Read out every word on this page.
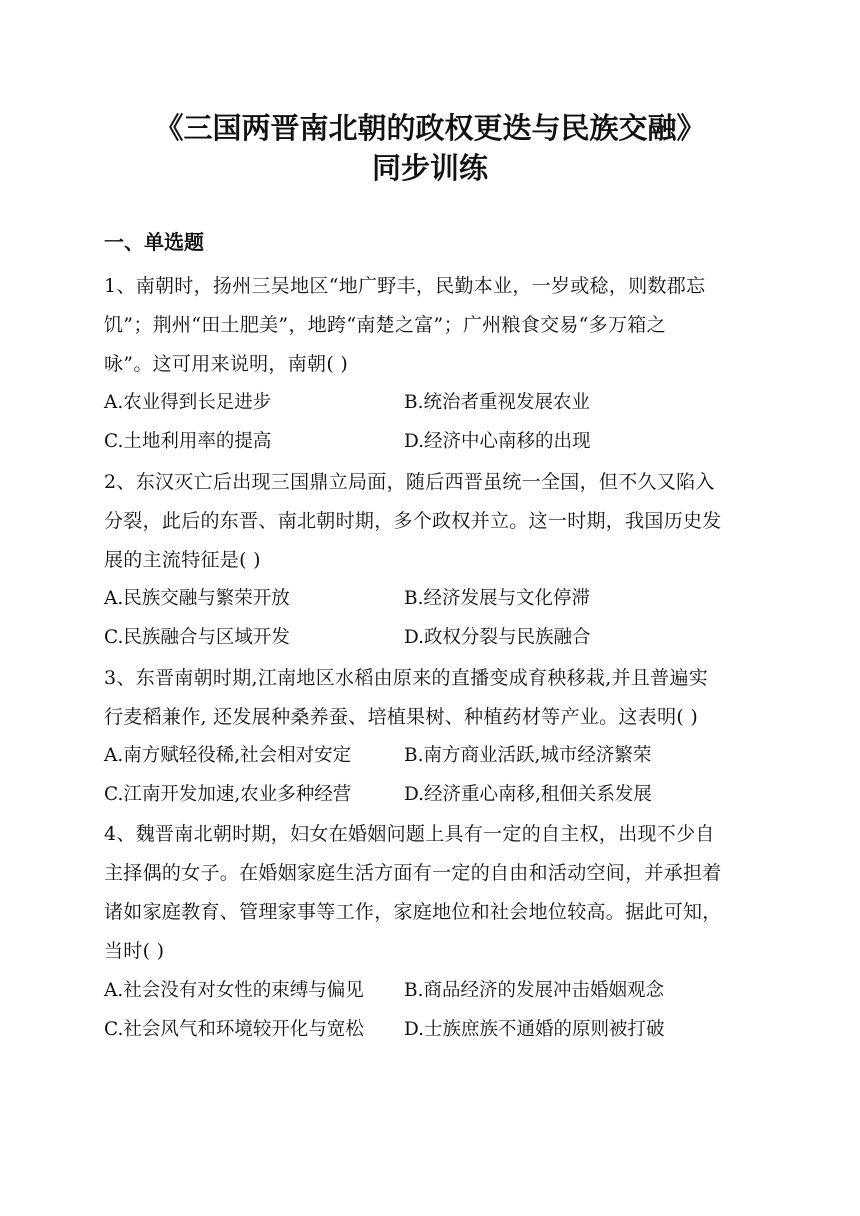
《三国两晋南北朝的政权更迭与民族交融》
同步训练
一、单选题
1、南朝时，扬州三吴地区“地广野丰，民勤本业，一岁或稔，则数郡忘
饥”；荆州“田土肥美”，地跨“南楚之富”；广州粮食交易“多万箱之
咏”。这可用来说明，南朝( )
A.农业得到长足进步	B.统治者重视发展农业
C.土地利用率的提高	D.经济中心南移的出现
2、东汉灭亡后出现三国鼎立局面，随后西晋虽统一全国，但不久又陷入
分裂，此后的东晋、南北朝时期，多个政权并立。这一时期，我国历史发
展的主流特征是( )
A.民族交融与繁荣开放	B.经济发展与文化停滞
C.民族融合与区域开发	D.政权分裂与民族融合
3、东晋南朝时期,江南地区水稻由原来的直播变成育秧移栽,并且普遍实
行麦稻兼作, 还发展种桑养蚕、培植果树、种植药材等产业。这表明( )
A.南方赋轻役稀,社会相对安定	B.南方商业活跃,城市经济繁荣
C.江南开发加速,农业多种经营	D.经济重心南移,租佃关系发展
4、魏晋南北朝时期，妇女在婚姻问题上具有一定的自主权，出现不少自
主择偶的女子。在婚姻家庭生活方面有一定的自由和活动空间，并承担着
诸如家庭教育、管理家事等工作，家庭地位和社会地位较高。据此可知，
当时( )
A.社会没有对女性的束缚与偏见 B.商品经济的发展冲击婚姻观念
C.社会风气和环境较开化与宽松 D.士族庶族不通婚的原则被打破
